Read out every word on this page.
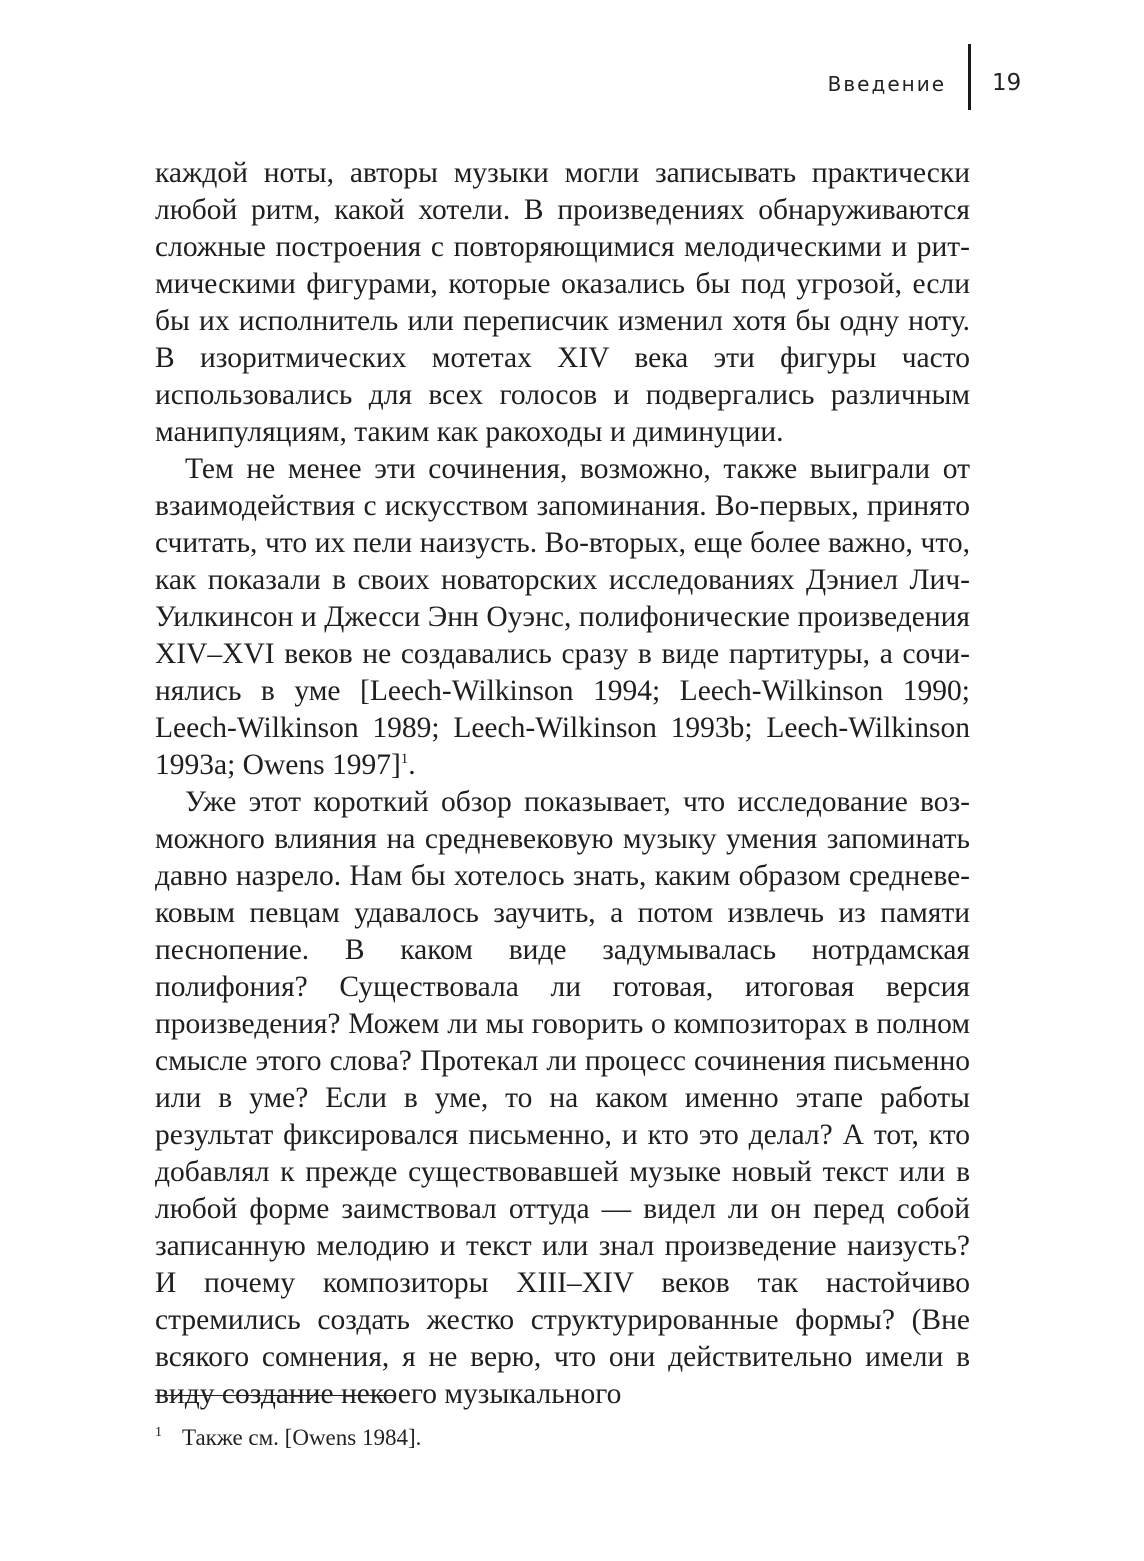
Введение 19

каждой ноты, авторы музыки могли записывать практически любой ритм, какой хотели. В произведениях обнаруживаются сложные построения с повторяющимися мелодическими и ритмическими фигурами, которые оказались бы под угрозой, если бы их исполнитель или переписчик изменил хотя бы одну ноту. В изоритмических мотетах XIV века эти фигуры часто использовались для всех голосов и подвергались различным манипуляциям, таким как ракоходы и диминуции.

Тем не менее эти сочинения, возможно, также выиграли от взаимодействия с искусством запоминания. Во-первых, принято считать, что их пели наизусть. Во-вторых, еще более важно, что, как показали в своих новаторских исследованиях Дэниел Лич-Уилкинсон и Джесси Энн Оуэнс, полифонические произведения XIV–XVI веков не создавались сразу в виде партитуры, а сочинялись в уме [Leech-Wilkinson 1994; Leech-Wilkinson 1990; Leech-Wilkinson 1989; Leech-Wilkinson 1993b; Leech-Wilkinson 1993a; Owens 1997]$^1$.

Уже этот короткий обзор показывает, что исследование возможного влияния на средневековую музыку умения запоминать давно назрело. Нам бы хотелось знать, каким образом средневековым певцам удавалось заучить, а потом извлечь из памяти песнопение. В каком виде задумывалась нотрдамская полифония? Существовала ли готовая, итоговая версия произведения? Можем ли мы говорить о композиторах в полном смысле этого слова? Протекал ли процесс сочинения письменно или в уме? Если в уме, то на каком именно этапе работы результат фиксировался письменно, и кто это делал? А тот, кто добавлял к прежде существовавшей музыке новый текст или в любой форме заимствовал оттуда — видел ли он перед собой записанную мелодию и текст или знал произведение наизусть? И почему композиторы XIII–XIV веков так настойчиво стремились создать жестко структурированные формы? (Вне всякого сомнения, я не верю, что они действительно имели в виду создание некоего музыкального

$^1$ Также см. [Owens 1984].
